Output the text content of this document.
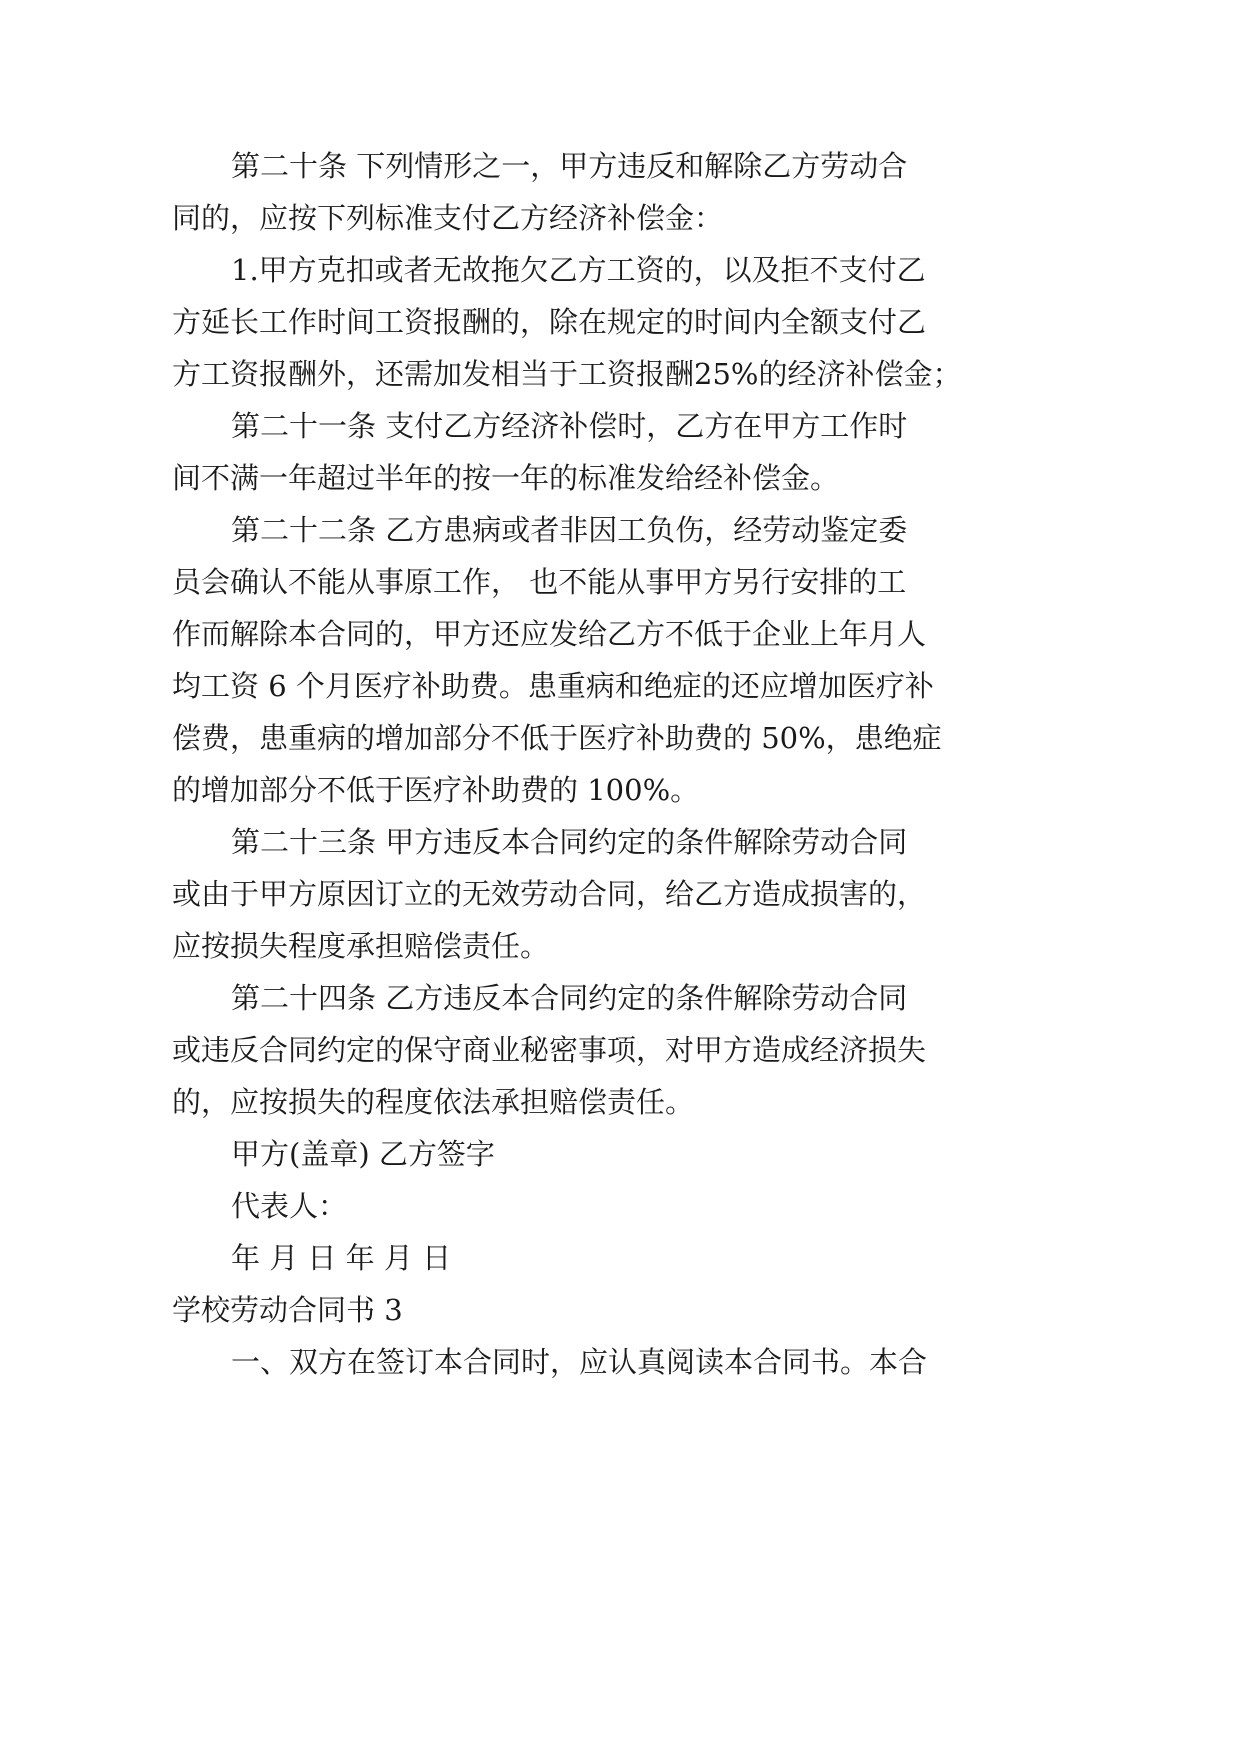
第二十条 下列情形之一，甲方违反和解除乙方劳动合

同的，应按下列标准支付乙方经济补偿金：

1.甲方克扣或者无故拖欠乙方工资的，以及拒不支付乙

方延长工作时间工资报酬的，除在规定的时间内全额支付乙

方工资报酬外，还需加发相当于工资报酬25%的经济补偿金；

第二十一条 支付乙方经济补偿时，乙方在甲方工作时

间不满一年超过半年的按一年的标准发给经补偿金。

第二十二条 乙方患病或者非因工负伤，经劳动鉴定委

员会确认不能从事原工作， 也不能从事甲方另行安排的工

作而解除本合同的，甲方还应发给乙方不低于企业上年月人

均工资 6 个月医疗补助费。患重病和绝症的还应增加医疗补

偿费，患重病的增加部分不低于医疗补助费的 50%，患绝症

的增加部分不低于医疗补助费的 100%。

第二十三条 甲方违反本合同约定的条件解除劳动合同

或由于甲方原因订立的无效劳动合同，给乙方造成损害的，

应按损失程度承担赔偿责任。

第二十四条 乙方违反本合同约定的条件解除劳动合同

或违反合同约定的保守商业秘密事项，对甲方造成经济损失

的，应按损失的程度依法承担赔偿责任。

甲方(盖章) 乙方签字

代表人：

年 月 日 年 月 日

学校劳动合同书 3

一、双方在签订本合同时，应认真阅读本合同书。本合
